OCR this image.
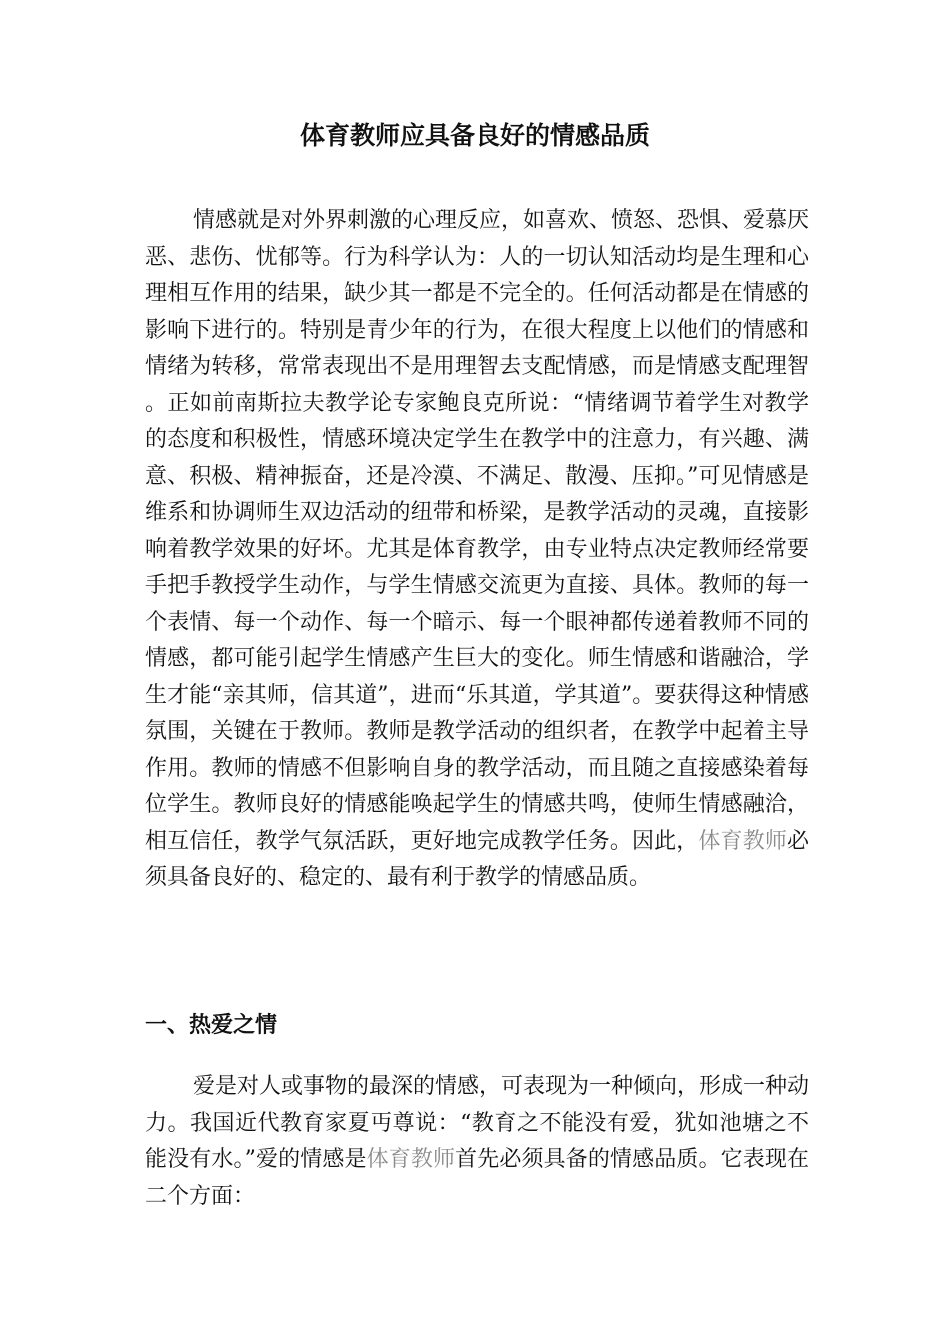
体育教师应具备良好的情感品质

情感就是对外界刺激的心理反应，如喜欢、愤怒、恐惧、爱慕厌恶、悲伤、忧郁等。行为科学认为：人的一切认知活动均是生理和心理相互作用的结果，缺少其一都是不完全的。任何活动都是在情感的影响下进行的。特别是青少年的行为，在很大程度上以他们的情感和情绪为转移，常常表现出不是用理智去支配情感，而是情感支配理智。正如前南斯拉夫教学论专家鲍良克所说：“情绪调节着学生对教学的态度和积极性，情感环境决定学生在教学中的注意力，有兴趣、满意、积极、精神振奋，还是冷漠、不满足、散漫、压抑。”可见情感是维系和协调师生双边活动的纽带和桥梁，是教学活动的灵魂，直接影响着教学效果的好坏。尤其是体育教学，由专业特点决定教师经常要手把手教授学生动作，与学生情感交流更为直接、具体。教师的每一个表情、每一个动作、每一个暗示、每一个眼神都传递着教师不同的情感，都可能引起学生情感产生巨大的变化。师生情感和谐融洽，学生才能“亲其师，信其道”，进而“乐其道，学其道”。要获得这种情感氛围，关键在于教师。教师是教学活动的组织者，在教学中起着主导作用。教师的情感不但影响自身的教学活动，而且随之直接感染着每位学生。教师良好的情感能唤起学生的情感共鸣，使师生情感融洽，相互信任，教学气氛活跃，更好地完成教学任务。因此，体育教师必须具备良好的、稳定的、最有利于教学的情感品质。

一、热爱之情

爱是对人或事物的最深的情感，可表现为一种倾向，形成一种动力。我国近代教育家夏丏尊说：“教育之不能没有爱，犹如池塘之不能没有水。”爱的情感是体育教师首先必须具备的情感品质。它表现在二个方面：
